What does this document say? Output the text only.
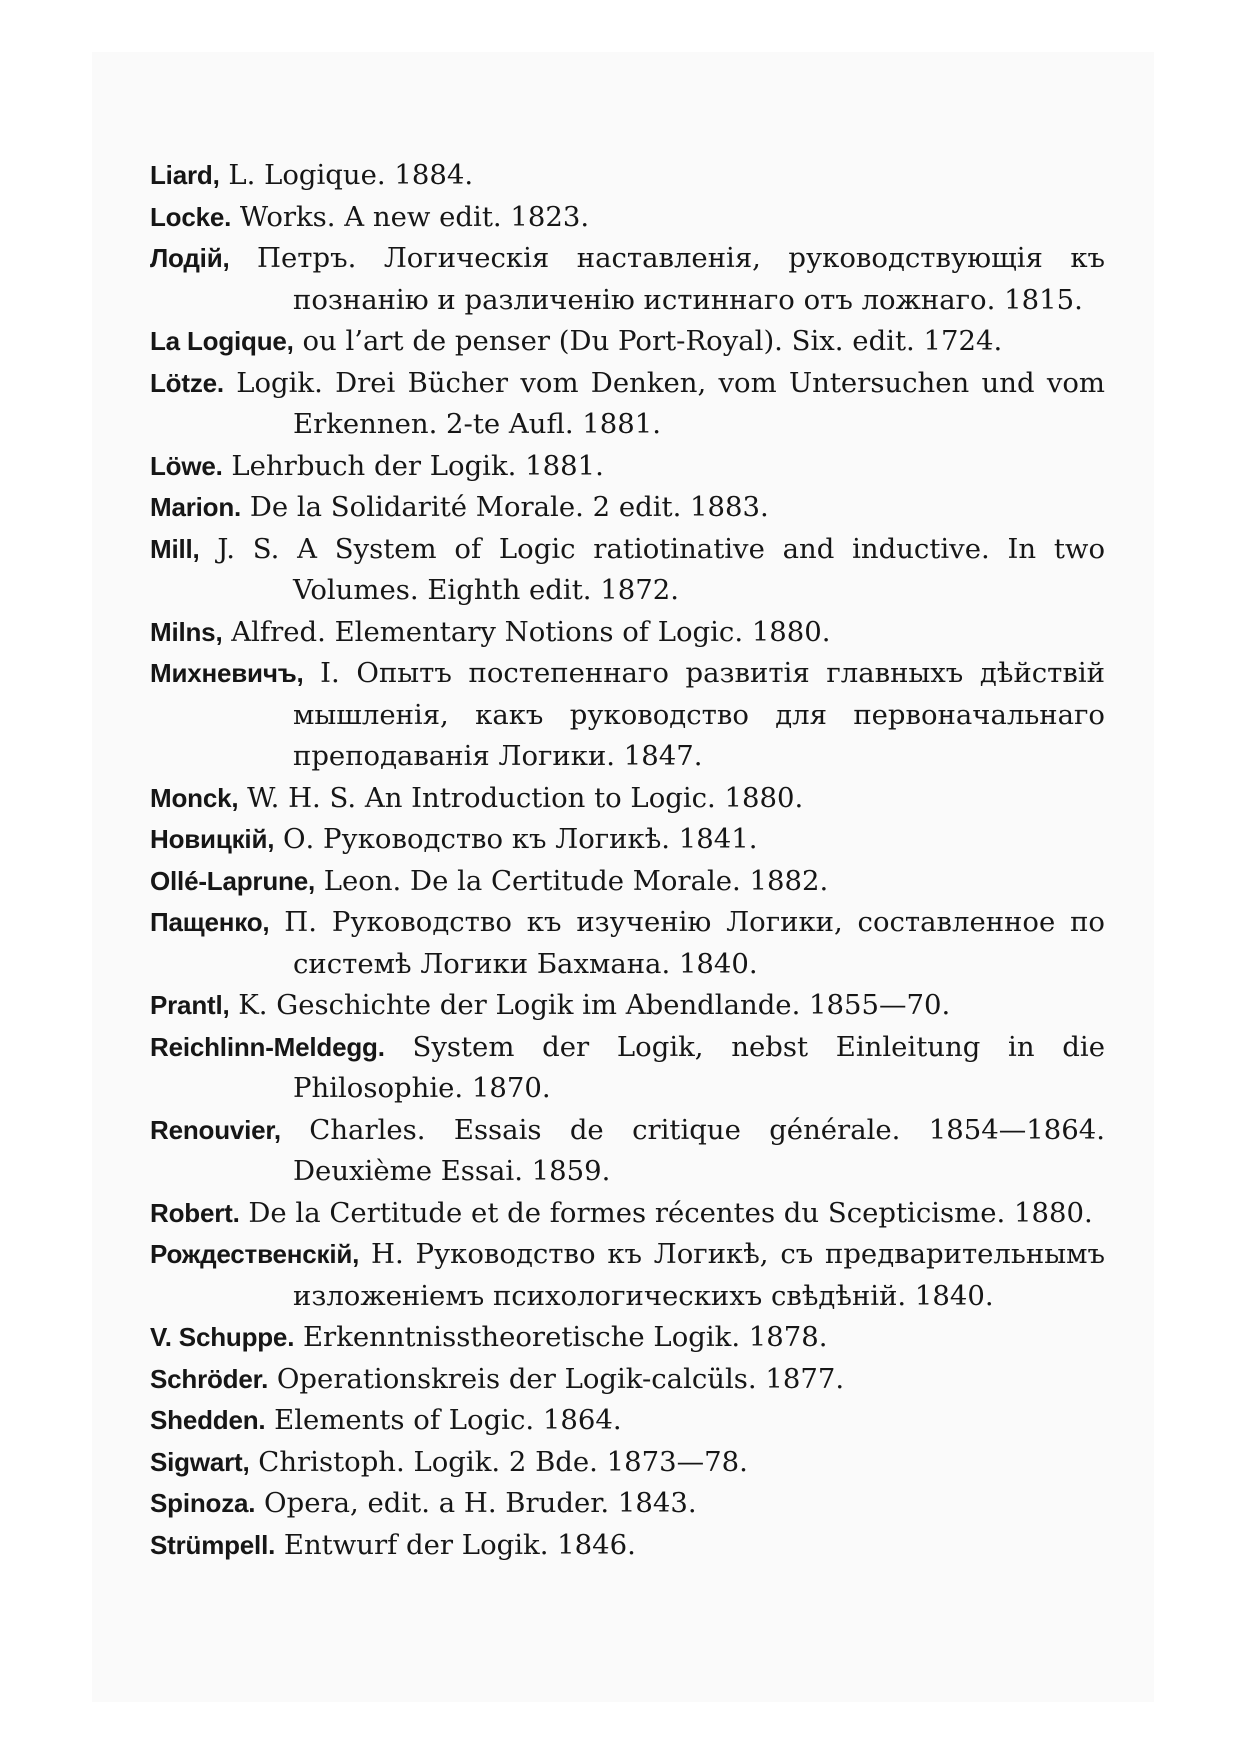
Liard, L. Logique. 1884.
Locke. Works. A new edit. 1823.
Лодій, Петръ. Логическія наставленія, руководствующія къ познанію и различенію истиннаго отъ ложнаго. 1815.
La Logique, ou l’art de penser (Du Port-Royal). Six. edit. 1724.
Lötze. Logik. Drei Bücher vom Denken, vom Untersuchen und vom Erkennen. 2-te Aufl. 1881.
Löwe. Lehrbuch der Logik. 1881.
Marion. De la Solidarité Morale. 2 edit. 1883.
Mill, J. S. A System of Logic ratiotinative and inductive. In two Volumes. Eighth edit. 1872.
Milns, Alfred. Elementary Notions of Logic. 1880.
Михневичъ, I. Опытъ постепеннаго развитія главныхъ дѣйствій мышленія, какъ руководство для первоначальнаго преподаванія Логики. 1847.
Monck, W. H. S. An Introduction to Logic. 1880.
Новицкій, О. Руководство къ Логикѣ. 1841.
Ollé-Laprune, Leon. De la Certitude Morale. 1882.
Пащенко, П. Руководство къ изученію Логики, составленное по системѣ Логики Бахмана. 1840.
Prantl, K. Geschichte der Logik im Abendlande. 1855—70.
Reichlinn-Meldegg. System der Logik, nebst Einleitung in die Philosophie. 1870.
Renouvier, Charles. Essais de critique générale. 1854—1864. Deuxième Essai. 1859.
Robert. De la Certitude et de formes récentes du Scepticisme. 1880.
Рождественскій, Н. Руководство къ Логикѣ, съ предварительнымъ изложеніемъ психологическихъ свѣдѣній. 1840.
V. Schuppe. Erkenntnisstheoretische Logik. 1878.
Schröder. Operationskreis der Logik-calcüls. 1877.
Shedden. Elements of Logic. 1864.
Sigwart, Christoph. Logik. 2 Bde. 1873—78.
Spinoza. Opera, edit. a H. Bruder. 1843.
Strümpell. Entwurf der Logik. 1846.
